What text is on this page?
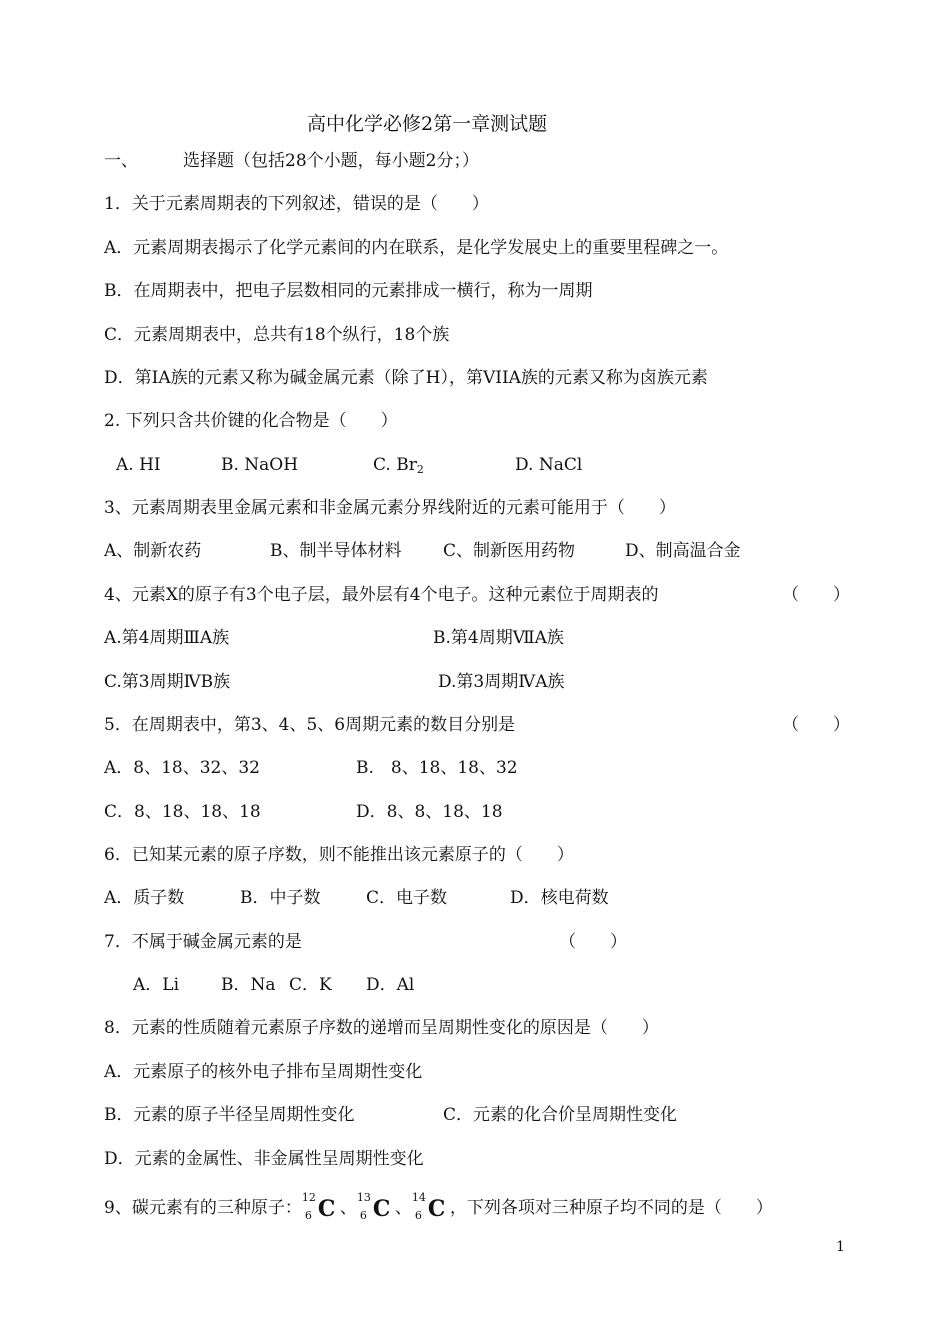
高中化学必修2第一章测试题
一、	选择题（包括28个小题，每小题2分；）
1．关于元素周期表的下列叙述，错误的是（　　）
A．元素周期表揭示了化学元素间的内在联系，是化学发展史上的重要里程碑之一。
B．在周期表中，把电子层数相同的元素排成一横行，称为一周期
C．元素周期表中，总共有18个纵行，18个族
D．第IA族的元素又称为碱金属元素（除了H），第VIIA族的元素又称为卤族元素
2. 下列只含共价键的化合物是（　　）
A. HI	B. NaOH	C. $Br_2$	D. NaCl
3、元素周期表里金属元素和非金属元素分界线附近的元素可能用于（　　）
A、制新农药	B、制半导体材料 C、制新医用药物	D、制高温合金
4、元素X的原子有3个电子层，最外层有4个电子。这种元素位于周期表的	（　　）
A.第4周期ⅢA族	B.第4周期ⅦA族
C.第3周期ⅣB族	D.第3周期ⅣA族
5．在周期表中，第3、4、5、6周期元素的数目分别是	（　　）
A．8、18、32、32	B.　8、18、18、32
C．8、18、18、18	D．8、8、18、18
6．已知某元素的原子序数，则不能推出该元素原子的（　　）
A．质子数	B．中子数	C．电子数	D．核电荷数
7．不属于碱金属元素的是	（　　）
A．Li B．Na C．K D．Al
8．元素的性质随着元素原子序数的递增而呈周期性变化的原因是（　　）
A．元素原子的核外电子排布呈周期性变化
B．元素的原子半径呈周期性变化	C．元素的化合价呈周期性变化
D．元素的金属性、非金属性呈周期性变化
9、碳元素有的三种原子：
12
6 C 、
13
6 C 、
14
6 C ，下列各项对三种原子均不同的是（　　）
1
